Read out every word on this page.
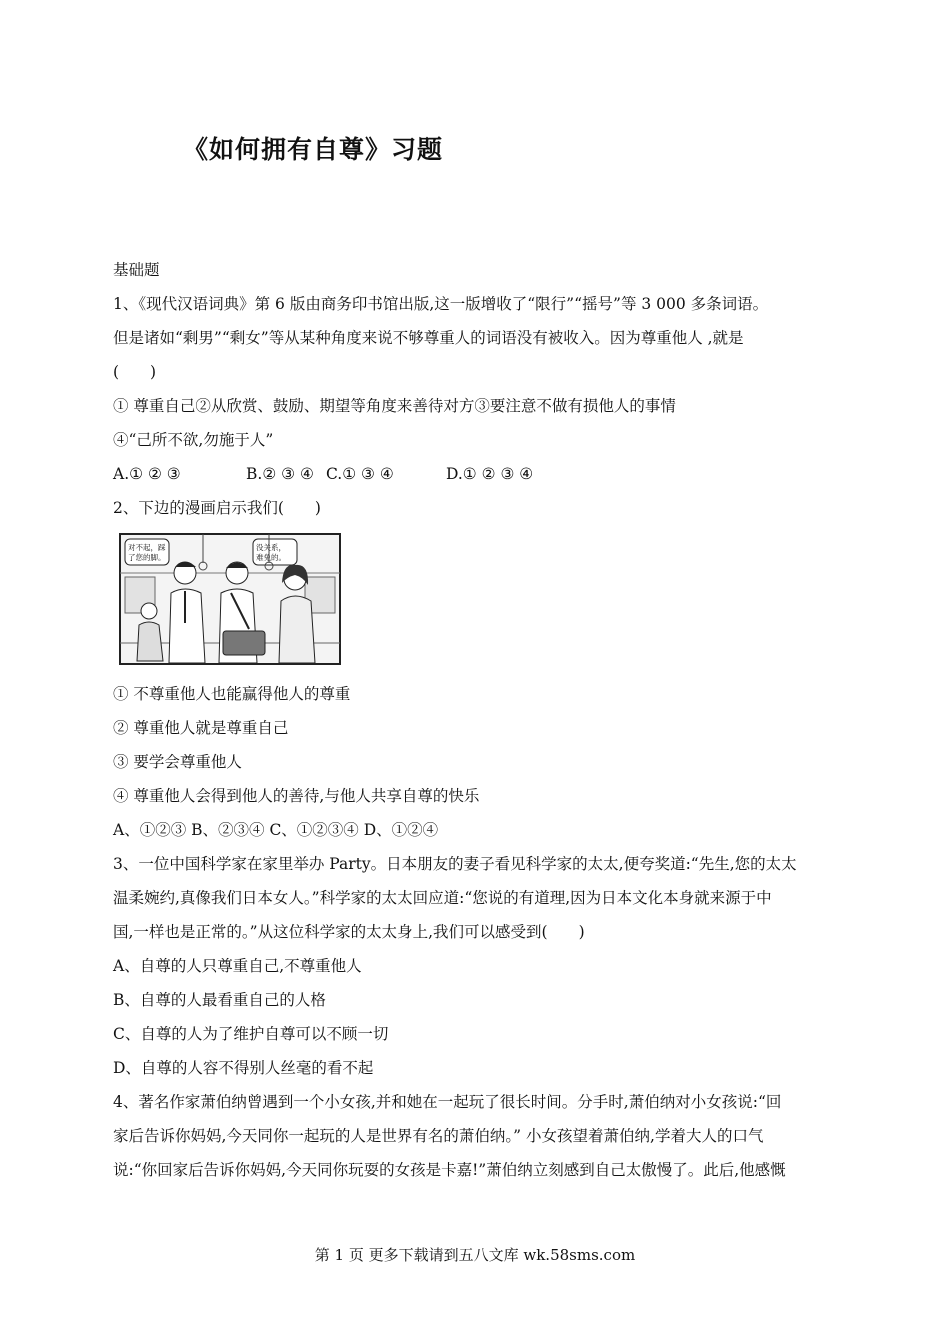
《如何拥有自尊》习题
基础题
1、《现代汉语词典》第 6 版由商务印书馆出版,这一版增收了“限行”“摇号”等 3 000 多条词语。
但是诸如“剩男”“剩女”等从某种角度来说不够尊重人的词语没有被收入。因为尊重他人 ,就是
(　　)
① 尊重自己②从欣赏、鼓励、期望等角度来善待对方③要注意不做有损他人的事情
④“己所不欲,勿施于人”
A.① ② ③	B.② ③ ④ C.① ③ ④	D.① ② ③ ④
2、下边的漫画启示我们(　　)
对不起，踩
了您的脚。
没关系，
难免的。
① 不尊重他人也能赢得他人的尊重
② 尊重他人就是尊重自己
③ 要学会尊重他人
④ 尊重他人会得到他人的善待,与他人共享自尊的快乐
A、①②③ B、②③④ C、①②③④ D、①②④
3、一位中国科学家在家里举办 Party。日本朋友的妻子看见科学家的太太,便夸奖道:“先生,您的太太
温柔婉约,真像我们日本女人。”科学家的太太回应道:“您说的有道理,因为日本文化本身就来源于中
国,一样也是正常的。”从这位科学家的太太身上,我们可以感受到(　　)
A、自尊的人只尊重自己,不尊重他人
B、自尊的人最看重自己的人格
C、自尊的人为了维护自尊可以不顾一切
D、自尊的人容不得别人丝毫的看不起
4、著名作家萧伯纳曾遇到一个小女孩,并和她在一起玩了很长时间。分手时,萧伯纳对小女孩说:“回
家后告诉你妈妈,今天同你一起玩的人是世界有名的萧伯纳。” 小女孩望着萧伯纳,学着大人的口气
说:“你回家后告诉你妈妈,今天同你玩耍的女孩是卡嘉!”萧伯纳立刻感到自己太傲慢了。此后,他感慨
第 1 页 更多下载请到五八文库 wk.58sms.com
